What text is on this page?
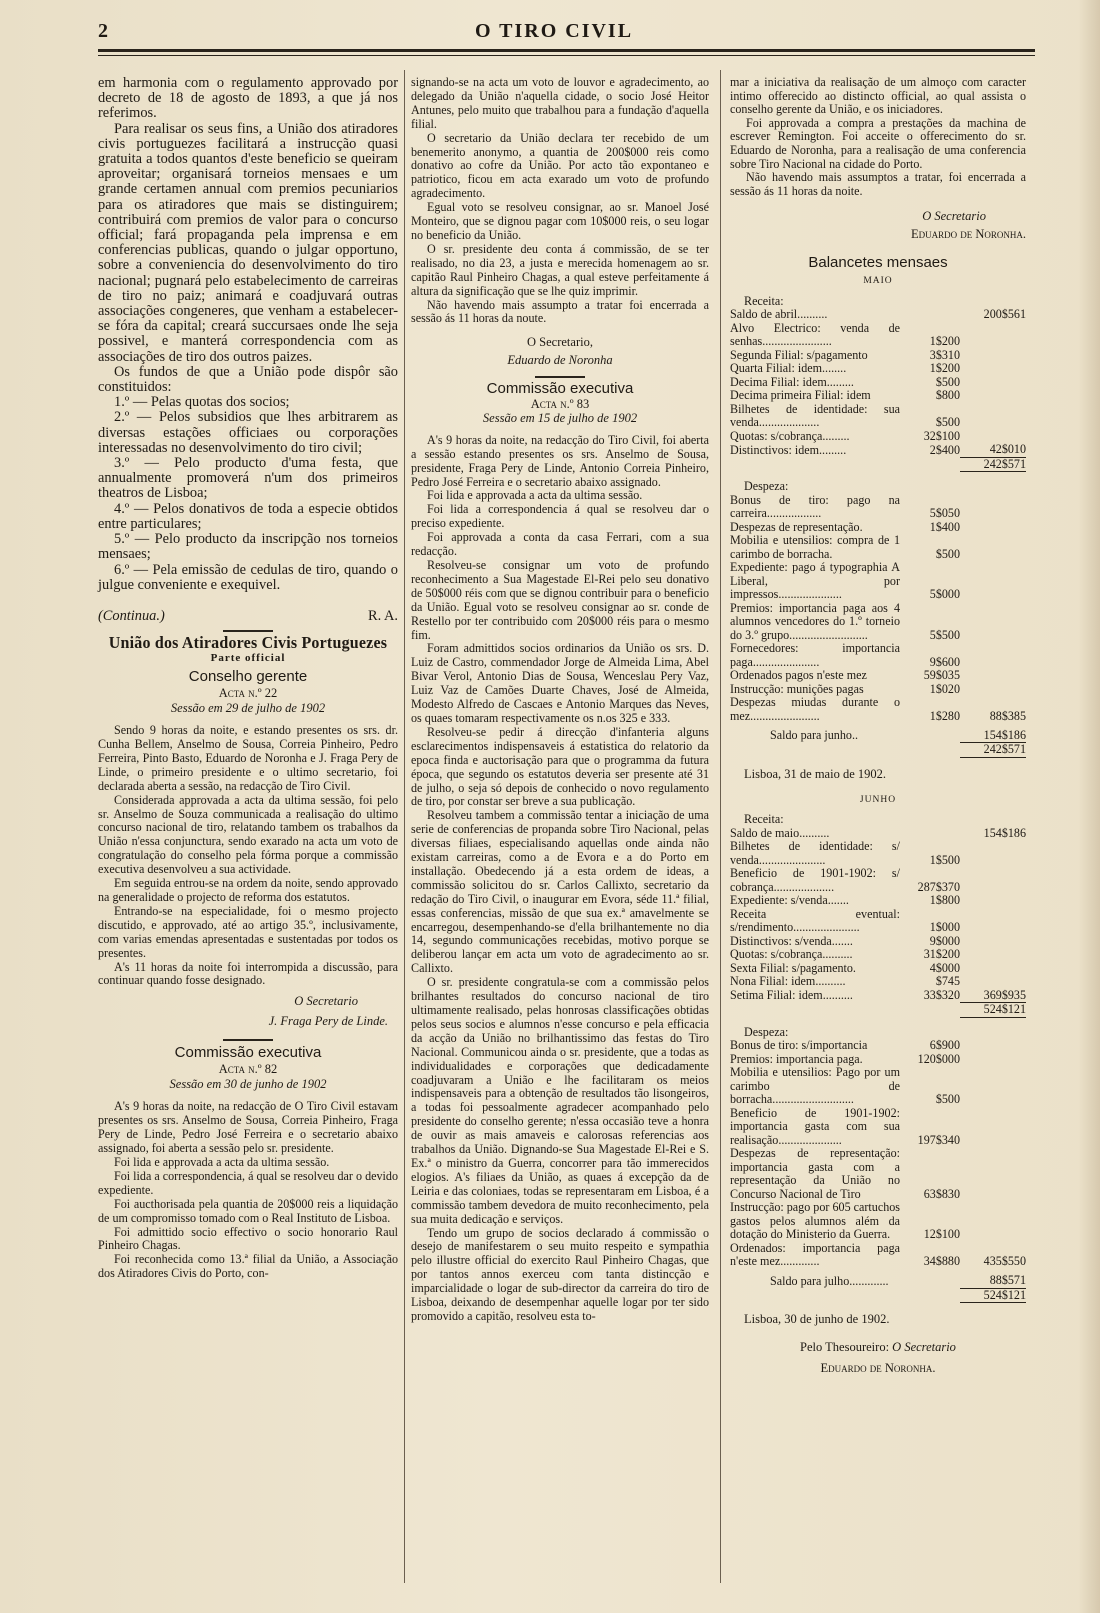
2	O TIRO CIVIL

em harmonia com o regulamento approvado por decreto de 18 de agosto de 1893, a que já nos referimos.

Para realisar os seus fins, a União dos atiradores civis portuguezes facilitará a instrucção quasi gratuita a todos quantos d'este beneficio se queiram aproveitar; organisará torneios mensaes e um grande certamen annual com premios pecuniarios para os atiradores que mais se distinguirem; contribuirá com premios de valor para o concurso official; fará propaganda pela imprensa e em conferencias publicas, quando o julgar opportuno, sobre a conveniencia do desenvolvimento do tiro nacional; pugnará pelo estabelecimento de carreiras de tiro no paiz; animará e coadjuvará outras associações congeneres, que venham a estabelecer-se fóra da capital; creará succursaes onde lhe seja possivel, e manterá correspondencia com as associações de tiro dos outros paizes.

Os fundos de que a União pode dispôr são constituidos:

1.º — Pelas quotas dos socios;

2.º — Pelos subsidios que lhes arbitrarem as diversas estações officiaes ou corporações interessadas no desenvolvimento do tiro civil;

3.º — Pelo producto d'uma festa, que annualmente promoverá n'um dos primeiros theatros de Lisboa;

4.º — Pelos donativos de toda a especie obtidos entre particulares;

5.º — Pelo producto da inscripção nos torneios mensaes;

6.º — Pela emissão de cedulas de tiro, quando o julgue conveniente e exequivel.

(Continua.)	R. A.
União dos Atiradores Civis Portuguezes
Parte official
Conselho gerente
Acta n.º 22
Sessão em 29 de julho de 1902

Sendo 9 horas da noite, e estando presentes os srs. dr. Cunha Bellem, Anselmo de Sousa, Correia Pinheiro, Pedro Ferreira, Pinto Basto, Eduardo de Noronha e J. Fraga Pery de Linde, o primeiro presidente e o ultimo secretario, foi declarada aberta a sessão, na redacção de Tiro Civil.

Considerada approvada a acta da ultima sessão, foi pelo sr. Anselmo de Souza communicada a realisação do ultimo concurso nacional de tiro, relatando tambem os trabalhos da União n'essa conjunctura, sendo exarado na acta um voto de congratulação do conselho pela fórma porque a commissão executiva desenvolveu a sua actividade.

Em seguida entrou-se na ordem da noite, sendo approvado na generalidade o projecto de reforma dos estatutos.

Entrando-se na especialidade, foi o mesmo projecto discutido, e approvado, até ao artigo 35.º, inclusivamente, com varias emendas apresentadas e sustentadas por todos os presentes.

A's 11 horas da noite foi interrompida a discussão, para continuar quando fosse designado.

O Secretario
J. Fraga Pery de Linde.
Commissão executiva
Acta n.º 82
Sessão em 30 de junho de 1902

A's 9 horas da noite, na redacção de O Tiro Civil estavam presentes os srs. Anselmo de Sousa, Correia Pinheiro, Fraga Pery de Linde, Pedro José Ferreira e o secretario abaixo assignado, foi aberta a sessão pelo sr. presidente.

Foi lida e approvada a acta da ultima sessão.

Foi lida a correspondencia, á qual se resolveu dar o devido expediente.

Foi aucthorisada pela quantia de 20$000 reis a liquidação de um compromisso tomado com o Real Instituto de Lisboa.

Foi admittido socio effectivo o socio honorario Raul Pinheiro Chagas.

Foi reconhecida como 13.ª filial da União, a Associação dos Atiradores Civis do Porto, con-

signando-se na acta um voto de louvor e agradecimento, ao delegado da União n'aquella cidade, o socio José Heitor Antunes, pelo muito que trabalhou para a fundação d'aquella filial.

O secretario da União declara ter recebido de um benemerito anonymo, a quantia de 200$000 reis como donativo ao cofre da União. Por acto tão expontaneo e patriotico, ficou em acta exarado um voto de profundo agradecimento.

Egual voto se resolveu consignar, ao sr. Manoel José Monteiro, que se dignou pagar com 10$000 reis, o seu logar no beneficio da União.

O sr. presidente deu conta á commissão, de se ter realisado, no dia 23, a justa e merecida homenagem ao sr. capitão Raul Pinheiro Chagas, a qual esteve perfeitamente á altura da significação que se lhe quiz imprimir.

Não havendo mais assumpto a tratar foi encerrada a sessão ás 11 horas da noute.

O Secretario,
Eduardo de Noronha
Commissão executiva
Acta n.º 83
Sessão em 15 de julho de 1902

A's 9 horas da noite, na redacção do Tiro Civil, foi aberta a sessão estando presentes os srs. Anselmo de Sousa, presidente, Fraga Pery de Linde, Antonio Correia Pinheiro, Pedro José Ferreira e o secretario abaixo assignado.

Foi lida e approvada a acta da ultima sessão.

Foi lida a correspondencia á qual se resolveu dar o preciso expediente.

Foi approvada a conta da casa Ferrari, com a sua redacção.

Resolveu-se consignar um voto de profundo reconhecimento a Sua Magestade El-Rei pelo seu donativo de 50$000 réis com que se dignou contribuir para o beneficio da União. Egual voto se resolveu consignar ao sr. conde de Restello por ter contribuido com 20$000 réis para o mesmo fim.

Foram admittidos socios ordinarios da União os srs. D. Luiz de Castro, commendador Jorge de Almeida Lima, Abel Bivar Verol, Antonio Dias de Sousa, Wenceslau Pery Vaz, Luiz Vaz de Camões Duarte Chaves, José de Almeida, Modesto Alfredo de Cascaes e Antonio Marques das Neves, os quaes tomaram respectivamente os n.os 325 e 333.

Resolveu-se pedir á direcção d'infanteria alguns esclarecimentos indispensaveis á estatistica do relatorio da epoca finda e auctorisação para que o programma da futura época, que segundo os estatutos deveria ser presente até 31 de julho, o seja só depois de conhecido o novo regulamento de tiro, por constar ser breve a sua publicação.

Resolveu tambem a commissão tentar a iniciação de uma serie de conferencias de propanda sobre Tiro Nacional, pelas diversas filiaes, especialisando aquellas onde ainda não existam carreiras, como a de Evora e a do Porto em installação. Obedecendo já a esta ordem de ideas, a commissão solicitou do sr. Carlos Callixto, secretario da redação do Tiro Civil, o inaugurar em Evora, séde 11.ª filial, essas conferencias, missão de que sua ex.ª amavelmente se encarregou, desempenhando-se d'ella brilhantemente no dia 14, segundo communicações recebidas, motivo porque se deliberou lançar em acta um voto de agradecimento ao sr. Callixto.

O sr. presidente congratula-se com a commissão pelos brilhantes resultados do concurso nacional de tiro ultimamente realisado, pelas honrosas classificações obtidas pelos seus socios e alumnos n'esse concurso e pela efficacia da acção da União no brilhantissimo das festas do Tiro Nacional. Communicou ainda o sr. presidente, que a todas as individualidades e corporações que dedicadamente coadjuvaram a União e lhe facilitaram os meios indispensaveis para a obtenção de resultados tão lisongeiros, a todas foi pessoalmente agradecer acompanhado pelo presidente do conselho gerente; n'essa occasião teve a honra de ouvir as mais amaveis e calorosas referencias aos trabalhos da União. Dignando-se Sua Magestade El-Rei e S. Ex.ª o ministro da Guerra, concorrer para tão immerecidos elogios. A's filiaes da União, as quaes á excepção da de Leiria e das coloniaes, todas se representaram em Lisboa, é a commissão tambem devedora de muito reconhecimento, pela sua muita dedicação e serviços.

Tendo um grupo de socios declarado á commissão o desejo de manifestarem o seu muito respeito e sympathia pelo illustre official do exercito Raul Pinheiro Chagas, que por tantos annos exerceu com tanta distincção e imparcialidade o logar de sub-director da carreira do tiro de Lisboa, deixando de desempenhar aquelle logar por ter sido promovido a capitão, resolveu esta to-

mar a iniciativa da realisação de um almoço com caracter intimo offerecido ao distincto official, ao qual assista o conselho gerente da União, e os iniciadores.

Foi approvada a compra a prestações da machina de escrever Remington. Foi acceite o offerecimento do sr. Eduardo de Noronha, para a realisação de uma conferencia sobre Tiro Nacional na cidade do Porto.

Não havendo mais assumptos a tratar, foi encerrada a sessão ás 11 horas da noite.

O Secretario
Eduardo de Noronha.
Balancetes mensaes
MAIO
Receita:
Saldo de abril..........		200$561
Alvo Electrico: venda de senhas.......................	1$200	
Segunda Filial: s/pagamento	3$310	
Quarta Filial: idem........	1$200	
Decima Filial: idem.........	$500	
Decima primeira Filial: idem	$800	
Bilhetes de identidade: sua venda....................	$500	
Quotas: s/cobrança.........	32$100	
Distinctivos: idem.........	2$400	42$010
		242$571
Despeza:
Bonus de tiro: pago na carreira..................	5$050	
Despezas de representação.	1$400	
Mobilia e utensilios: compra de 1 carimbo de borracha.	$500	
Expediente: pago á typographia A Liberal, por impressos.....................	5$000	
Premios: importancia paga aos 4 alumnos vencedores do 1.º torneio do 3.º grupo..........................	5$500	
Fornecedores: importancia paga......................	9$600	
Ordenados pagos n'este mez	59$035	
Instrucção: munições pagas	1$020	
Despezas miudas durante o mez.......................	1$280	88$385
Saldo para junho..	154$186
	242$571
Lisboa, 31 de maio de 1902.
JUNHO
Receita:
Saldo de maio..........		154$186
Bilhetes de identidade: s/ venda......................	1$500	
Beneficio de 1901-1902: s/ cobrança....................	287$370	
Expediente: s/venda.......	1$800	
Receita eventual: s/rendimento......................	1$000	
Distinctivos: s/venda.......	9$000	
Quotas: s/cobrança..........	31$200	
Sexta Filial: s/pagamento.	4$000	
Nona Filial: idem..........	$745	
Setima Filial: idem..........	33$320	369$935
		524$121
Despeza:
Bonus de tiro: s/importancia	6$900	
Premios: importancia paga.	120$000	
Mobilia e utensilios: Pago por um carimbo de borracha...........................	$500	
Beneficio de 1901-1902: importancia gasta com sua realisação.....................	197$340	
Despezas de representação: importancia gasta com a representação da União no Concurso Nacional de Tiro	63$830	
Instrucção: pago por 605 cartuchos gastos pelos alumnos além da dotação do Ministerio da Guerra.	12$100	
Ordenados: importancia paga n'este mez.............	34$880	435$550
Saldo para julho.............	88$571
	524$121
Lisboa, 30 de junho de 1902.
Pelo Thesoureiro: O Secretario
Eduardo de Noronha.
